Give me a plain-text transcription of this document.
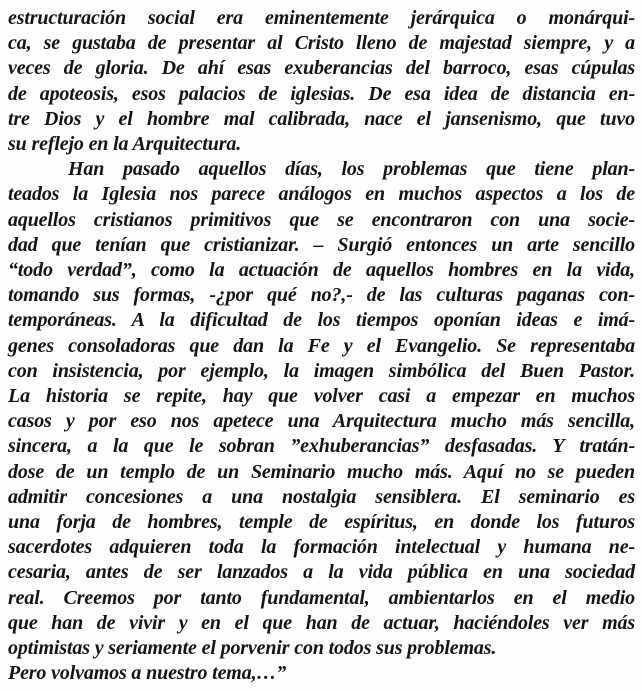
estructuración social era eminentemente jerárquica o monárqui-
ca, se gustaba de presentar al Cristo lleno de majestad siempre, y a
veces de gloria. De ahí esas exuberancias del barroco, esas cúpulas
de apoteosis, esos palacios de iglesias. De esa idea de distancia en-
tre Dios y el hombre mal calibrada, nace el jansenismo, que tuvo
su reflejo en la Arquitectura.
Han pasado aquellos días, los problemas que tiene plan-
teados la Iglesia nos parece análogos en muchos aspectos a los de
aquellos cristianos primitivos que se encontraron con una socie-
dad que tenían que cristianizar. – Surgió entonces un arte sencillo
“todo verdad”, como la actuación de aquellos hombres en la vida,
tomando sus formas, -¿por qué no?,- de las culturas paganas con-
temporáneas. A la dificultad de los tiempos oponían ideas e imá-
genes consoladoras que dan la Fe y el Evangelio. Se representaba
con insistencia, por ejemplo, la imagen simbólica del Buen Pastor.
La historia se repite, hay que volver casi a empezar en muchos
casos y por eso nos apetece una Arquitectura mucho más sencilla,
sincera, a la que le sobran ”exhuberancias” desfasadas. Y tratán-
dose de un templo de un Seminario mucho más. Aquí no se pueden
admitir concesiones a una nostalgia sensiblera. El seminario es
una forja de hombres, temple de espíritus, en donde los futuros
sacerdotes adquieren toda la formación intelectual y humana ne-
cesaria, antes de ser lanzados a la vida pública en una sociedad
real. Creemos por tanto fundamental, ambientarlos en el medio
que han de vivir y en el que han de actuar, haciéndoles ver más
optimistas y seriamente el porvenir con todos sus problemas.
Pero volvamos a nuestro tema,…”
